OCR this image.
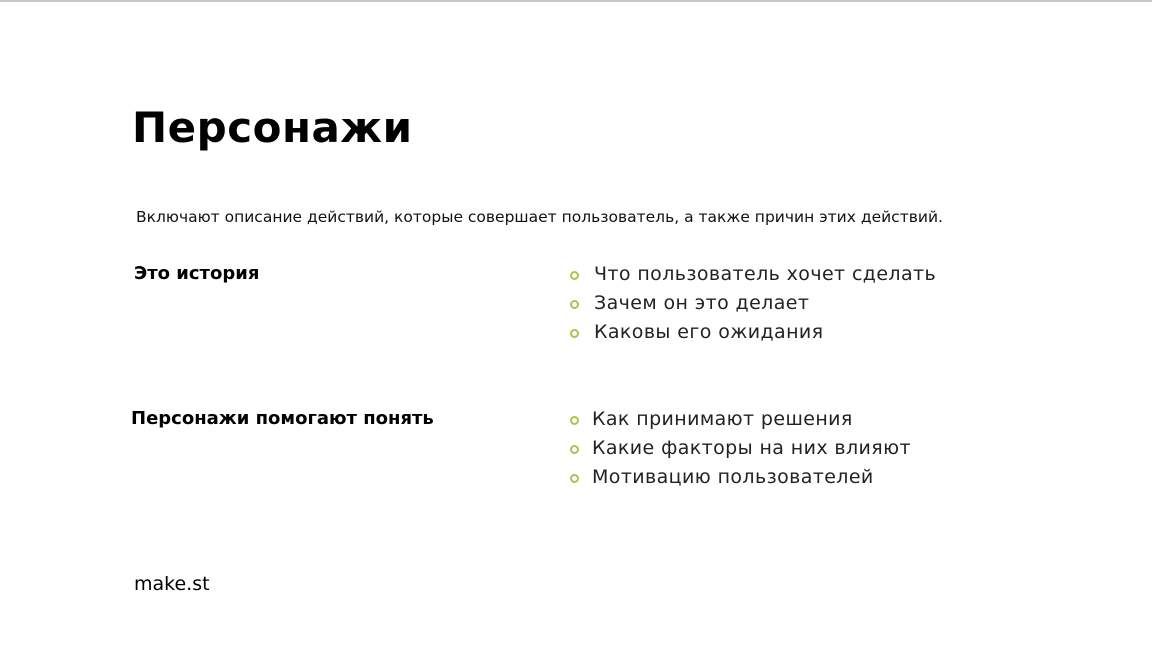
Персонажи

Включают описание действий, которые совершает пользователь, а также причин этих действий.

Это история	Что пользователь хочет сделать
Зачем он это делает
Каковы его ожидания
Персонажи помогают понять	Как принимают решения
Какие факторы на них влияют
Мотивацию пользователей
make.st
